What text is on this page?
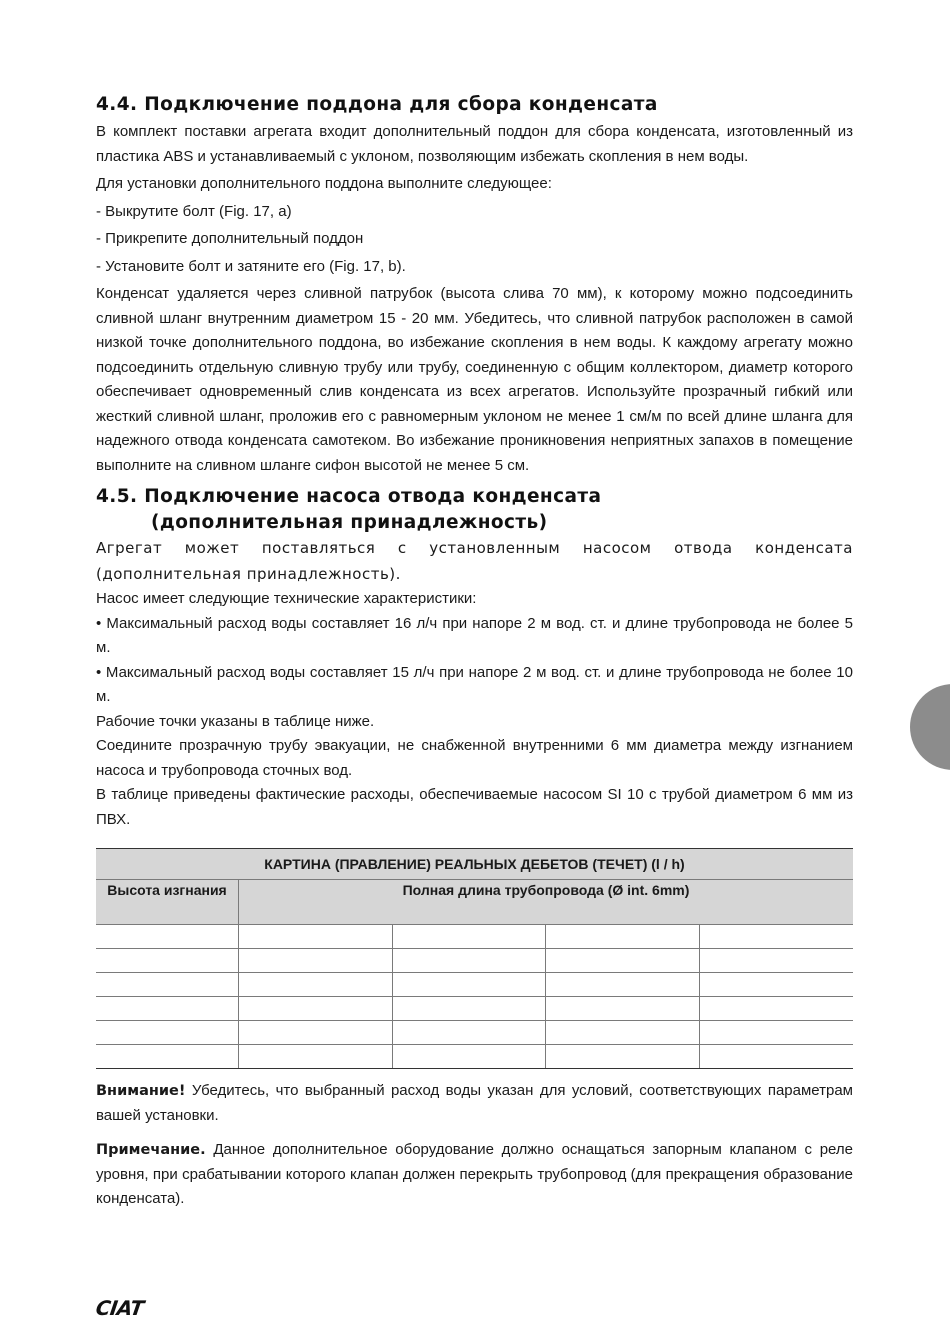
4.4. Подключение поддона для сбора конденсата

В комплект поставки агрегата входит дополнительный поддон для сбора конденсата, изготовленный из пластика ABS и устанавливаемый с уклоном, позволяющим избежать скопления в нем воды.

Для установки дополнительного поддона выполните следующее:

- Выкрутите болт (Fig. 17, a)

- Прикрепите дополнительный поддон

- Установите болт и затяните его (Fig. 17, b).

Конденсат удаляется через сливной патрубок (высота слива 70 мм), к которому можно подсоединить сливной шланг внутренним диаметром 15 - 20 мм. Убедитесь, что сливной патрубок расположен в самой низкой точке дополнительного поддона, во избежание скопления в нем воды. К каждому агрегату можно подсоединить отдельную сливную трубу или трубу, соединенную с общим коллектором, диаметр которого обеспечивает одновременный слив конденсата из всех агрегатов. Используйте прозрачный гибкий или жесткий сливной шланг, проложив его с равномерным уклоном не менее 1 см/м по всей длине шланга для надежного отвода конденсата самотеком. Во избежание проникновения неприятных запахов в помещение выполните на сливном шланге сифон высотой не менее 5 см.

4.5. Подключение насоса отвода конденсата
(дополнительная принадлежность)

Агрегат может поставляться с установленным насосом отвода конденсата (дополнительная принадлежность).

Насос имеет следующие технические характеристики:

• Максимальный расход воды составляет 16 л/ч при напоре 2 м вод. ст. и длине трубопровода не более 5 м.

• Максимальный расход воды составляет 15 л/ч при напоре 2 м вод. ст. и длине трубопровода не более 10 м.

Рабочие точки указаны в таблице ниже.

Соедините прозрачную трубу эвакуации, не снабженной внутренними 6 мм диаметра между изгнанием насоса и трубопровода сточных вод.

В таблице приведены фактические расходы, обеспечиваемые насосом SI 10 с трубой диаметром 6 мм из ПВХ.

КАРТИНА (ПРАВЛЕНИЕ) РЕАЛЬНЫХ ДЕБЕТОВ (ТЕЧЕТ) (l / h)				
Высота изгнания	Полная длина трубопровода (Ø int. 6mm)			

Внимание! Убедитесь, что выбранный расход воды указан для условий, соответствующих параметрам вашей установки.

Примечание. Данное дополнительное оборудование должно оснащаться запорным клапаном с реле уровня, при срабатывании которого клапан должен перекрыть трубопровод (для прекращения образование конденсата).

CIAT
